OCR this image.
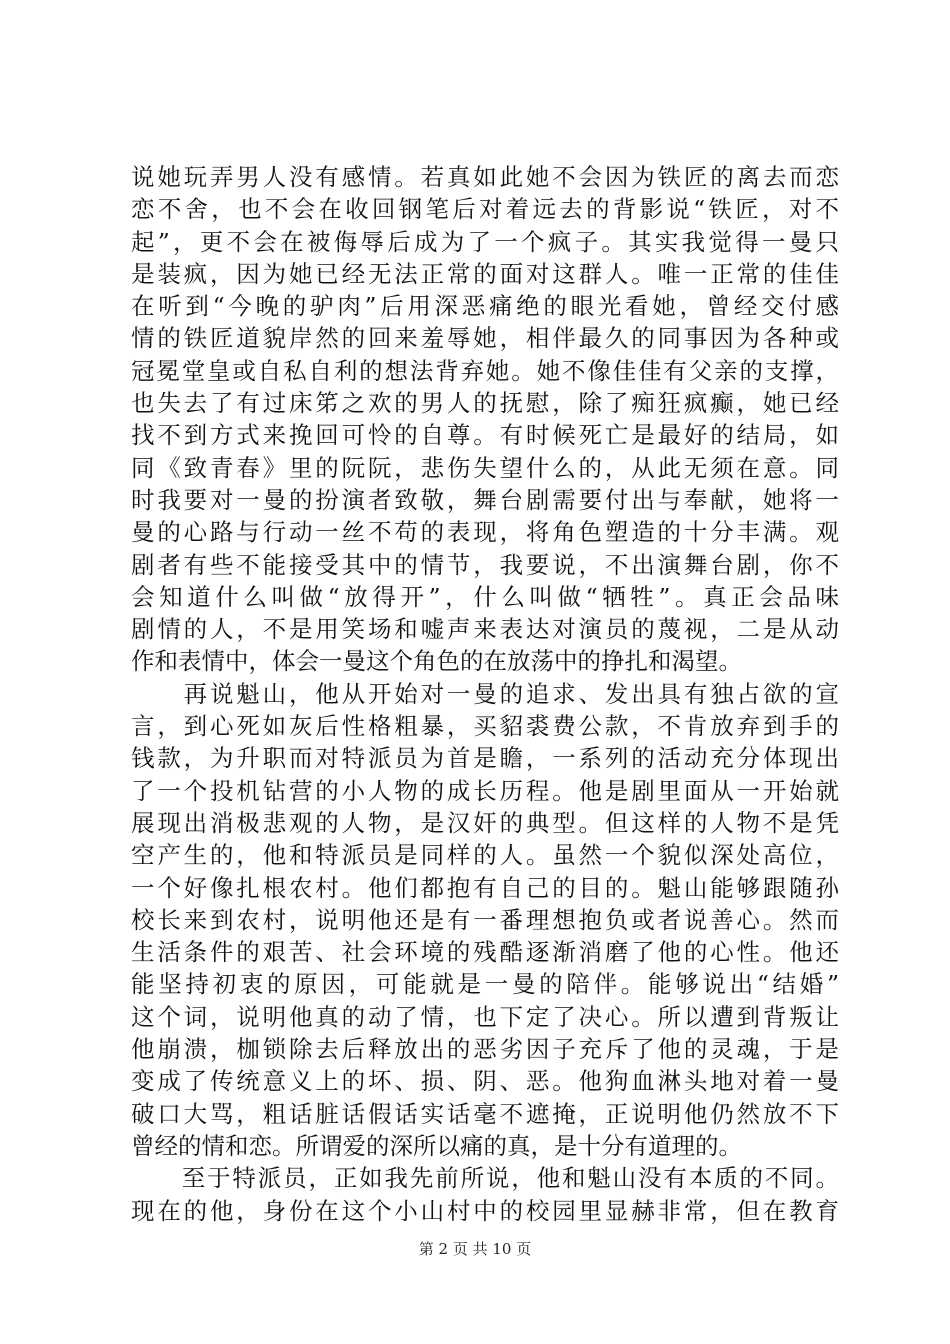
说她玩弄男人没有感情。若真如此她不会因为铁匠的离去而恋
恋不舍，也不会在收回钢笔后对着远去的背影说“铁匠，对不
起”，更不会在被侮辱后成为了一个疯子。其实我觉得一曼只
是装疯，因为她已经无法正常的面对这群人。唯一正常的佳佳
在听到“今晚的驴肉”后用深恶痛绝的眼光看她，曾经交付感
情的铁匠道貌岸然的回来羞辱她，相伴最久的同事因为各种或
冠冕堂皇或自私自利的想法背弃她。她不像佳佳有父亲的支撑，
也失去了有过床笫之欢的男人的抚慰，除了痴狂疯癫，她已经
找不到方式来挽回可怜的自尊。有时候死亡是最好的结局，如
同《致青春》里的阮阮，悲伤失望什么的，从此无须在意。同
时我要对一曼的扮演者致敬，舞台剧需要付出与奉献，她将一
曼的心路与行动一丝不苟的表现，将角色塑造的十分丰满。观
剧者有些不能接受其中的情节，我要说，不出演舞台剧，你不
会知道什么叫做“放得开”，什么叫做“牺牲”。真正会品味
剧情的人，不是用笑场和嘘声来表达对演员的蔑视，二是从动
作和表情中，体会一曼这个角色的在放荡中的挣扎和渴望。
　　再说魁山，他从开始对一曼的追求、发出具有独占欲的宣
言，到心死如灰后性格粗暴，买貂裘费公款，不肯放弃到手的
钱款，为升职而对特派员为首是瞻，一系列的活动充分体现出
了一个投机钻营的小人物的成长历程。他是剧里面从一开始就
展现出消极悲观的人物，是汉奸的典型。但这样的人物不是凭
空产生的，他和特派员是同样的人。虽然一个貌似深处高位，
一个好像扎根农村。他们都抱有自己的目的。魁山能够跟随孙
校长来到农村，说明他还是有一番理想抱负或者说善心。然而
生活条件的艰苦、社会环境的残酷逐渐消磨了他的心性。他还
能坚持初衷的原因，可能就是一曼的陪伴。能够说出“结婚”
这个词，说明他真的动了情，也下定了决心。所以遭到背叛让
他崩溃，枷锁除去后释放出的恶劣因子充斥了他的灵魂，于是
变成了传统意义上的坏、损、阴、恶。他狗血淋头地对着一曼
破口大骂，粗话脏话假话实话毫不遮掩，正说明他仍然放不下
曾经的情和恋。所谓爱的深所以痛的真，是十分有道理的。
　　至于特派员，正如我先前所说，他和魁山没有本质的不同。
现在的他，身份在这个小山村中的校园里显赫非常，但在教育
第 2 页 共 10 页
